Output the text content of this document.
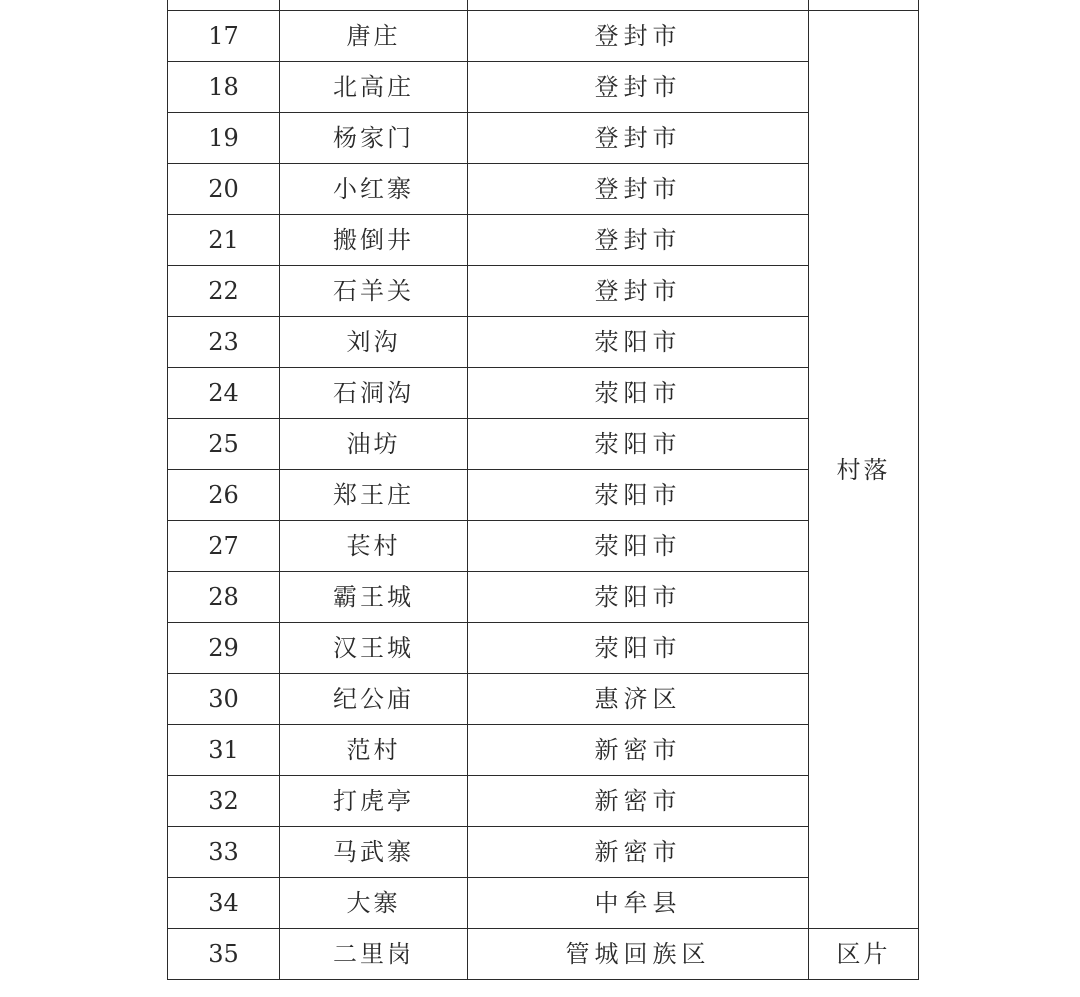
17	唐庄	登封市	村落
18	北高庄	登封市	
19	杨家门	登封市	
20	小红寨	登封市	
21	搬倒井	登封市	
22	石羊关	登封市	
23	刘沟	荥阳市	
24	石洞沟	荥阳市	
25	油坊	荥阳市	
26	郑王庄	荥阳市	
27	苌村	荥阳市	
28	霸王城	荥阳市	
29	汉王城	荥阳市	
30	纪公庙	惠济区	
31	范村	新密市	
32	打虎亭	新密市	
33	马武寨	新密市	
34	大寨	中牟县	
35	二里岗	管城回族区	区片
